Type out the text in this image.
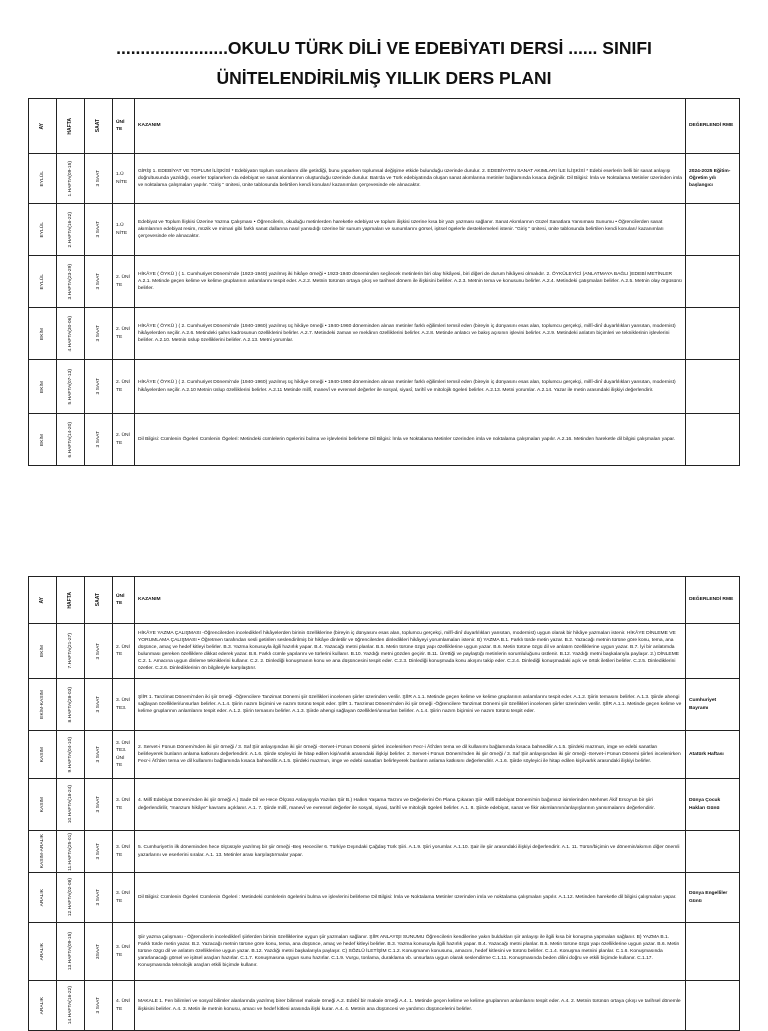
.......................OKULU TÜRK DİLİ VE EDEBİYATI DERSİ ...... SINIFI
ÜNİTELENDİRİLMİŞ YILLIK DERS PLANI
AY	HAFTA	SAAT	ÜNİ TE	KAZANIM	DEĞERLENDİ RME

EYLÜL	1.HAFTA(09-15)	3 SAAT	1.Ü NİTE	GİRİŞ 1. EDEBİYAT VE TOPLUM İLİŞKİSİ * Edebiyatın toplum sorunlarını dile getirdiği, bunu yaparken toplumsal değişime etkide bulunduğu üzerinde durulur. 2. EDEBİYATIN SANAT AKIMLARI İLE İLİŞKİSİ * Edebi eserlerin belli bir sanat anlayışı doğrultusunda yazıldığı, eserler toplanırken da edebiyat ve sanat akımlarının oluşturduğu üzerinde durulur. Batı'da ve Türk edebiyatında oluşan sanat akımlarına metinler bağlamında kısaca değinilir. Dil Bilgisi: İmla ve Noktalama Metinler üzerinden imla ve noktalama çalışmaları yapılır. "Giriş " ünitesi, ünite tablosunda belirtilen kendi konuları/ kazanımları çerçevesinde ele alınacaktır.	2024-2025 Eğitim-Öğretim yılı başlangıcı

EYLÜL	2.HAFTA(16-22)	3 SAAT	1.Ü NİTE	Edebiyat ve Toplum İlişkisi Üzerine Yazma Çalışması • Öğrencilerin, okuduğu metinlerden hareketle edebiyat ve toplum ilişkisi üzerine kısa bir yazı yazması sağlanır. Sanat Akımlarının Güzel Sanatlara Yansıması Sunumu • Öğrencilerden sanat akımlarının edebiyat resim, müzik ve mimari gibi farklı sanat dallarına nasıl yansıdığı üzerine bir sunum yapmaları ve sunumlarını görsel, işitsel ögelerle desteklemeleri istenir. "Giriş " ünitesi, ünite tablosunda belirtilen kendi konuları/ kazanımları çerçevesinde ele alınacaktır.	

EYLÜL	3.HAFTA(23-29)	3 SAAT	2. ÜNİ TE	HİKÂYE ( ÖYKÜ ) ( 1. Cumhuriyet Dönemi'nde (1923-1940) yazılmış iki hikâye örneği • 1923-1940 döneminden seçilecek metinlerin biri olay hikâyesi, biri diğeri de durum hikâyesi olmalıdır. 2. ÖYKÜLEYİCİ (ANLATMAYA BAĞLI )EDEBİ METİNLER A.2.1. Metinde geçen kelime ve kelime gruplarının anlamlarını tespit eder. A.2.2. Metnin türünün ortaya çıkış ve tarihsel dönem ile ilişkisini belirler. A.2.3. Metnin tema ve konusunu belirler. A.2.4. Metindeki çatışmaları belirler. A.2.5. Metnin olay örgüsünü belirler.	

EKİM	4.HAFTA(30-06)	3 SAAT	2. ÜNİ TE	HİKÂYE ( ÖYKÜ ) ( 2. Cumhuriyet Dönemi'nde (1940-1960) yazılmış üç hikâye örneği • 1940-1960 döneminden alınan metinler farklı eğilimleri temsil eden (bireyin iç dünyasını esas alan, toplumcu gerçekçi, millî-dinî duyarlılıkları yansıtan, modernist) hikâyelerden seçilir. A.2.6. Metindeki şahıs kadrosunun özelliklerini belirler. A.2.7. Metindeki zaman ve mekânın özelliklerini belirler. A.2.8. Metinde anlatıcı ve bakış açısının işlevini belirler. A.2.9. Metindeki anlatım biçimleri ve tekniklerinin işlevlerini belirler. A.2.10. Metnin üslup özelliklerini belirler. A.2.13. Metni yorumlar.	

EKİM	5.HAFTA(07-13)	3 SAAT	2. ÜNİ TE	HİKÂYE ( ÖYKÜ ) ( 2. Cumhuriyet Dönemi'nde (1940-1960) yazılmış üç hikâye örneği • 1940-1960 döneminden alınan metinler farklı eğilimleri temsil eden (bireyin iç dünyasını esas alan, toplumcu gerçekçi, millî-dinî duyarlılıkları yansıtan, modernist) hikâyelerden seçilir. A.2.10 Metnin üslup özelliklerini belirler. A.2.11 Metinde millî, manevî ve evrensel değerler ile sosyal, siyasî, tarihî ve mitolojik ögeleri belirler. A.2.13. Metni yorumlar. A.2.14. Yazar ile metin arasındaki ilişkiyi değerlendirir.	

EKİM	6.HAFTA(14-20)	3 SAAT	2. ÜNİ TE	Dil Bilgisi: Cümlenin Ögeleri Cümlenin Ögeleri: Metindeki cümlelerin ögelerini bulma ve işlevlerini belirleme Dil Bilgisi: İmla ve Noktalama Metinler üzerinden imla ve noktalama çalışmaları yapılır. A.2.16. Metinden hareketle dil bilgisi çalışmaları yapar.	
AY	HAFTA	SAAT	ÜNİ TE	KAZANIM	DEĞERLENDİ RME

EKİM	7.HAFTA(21-27)	3 SAAT	2. ÜNİ TE	HİKÂYE YAZMA ÇALIŞMASI -Öğrencilerden incelediklerî hikâyelerden birinin özelliklerine (bireyin iç dünyasını esas alan, toplumcu gerçekçi, millî-dinî duyarlılıkları yansıtan, modernist) uygun olarak bir hikâye yazmaları istenir. HİKÂYE DİNLEME VE YORUMLAMA ÇALIŞMASI • Öğretmen tarafından sesli getirilen seslendirilmiş bir hikâye dinletilir ve öğrencilerden dinledikleri hikâyeyi yorumlamaları istenir. B) YAZMA B.1. Farklı türde metin yazar. B.2. Yazacağı metnin türüne göre konu, tema, ana düşünce, amaç ve hedef kitleyi belirler. B.3. Yazma konusuyla ilgili hazırlık yapar. B.4. Yazacağı metni planlar. B.5. Metin türüne özgü yapı özelliklerine uygun yazar. B.6. Metin türüne özgü dil ve anlatım özelliklerine uygun yazar. B.7. İyi bir anlatımda bulunması gereken özelliklere dikkat ederek yazar. B.8. Farklı cümle yapılarını ve türlerini kullanır. B.10. Yazdığı metni gözden geçirir. B.11. Ürettiği ve paylaştığı metinlerin sorumluluğunu üstlenir. B.12. Yazdığı metni başkalarıyla paylaşır. 2.) DİNLEME C.2. 1. Amacına uygun dinleme tekniklerini kullanır. C.2. 2. Dinlediği konuşmanın konu ve ana düşüncesini tespit eder. C.2.3. Dinlediği konuşmada konu akışını takip eder. C.2.4. Dinlediği konuşmadaki açık ve örtük iletileri belirler. C.2.5. Dinlediklerini özetler. C.2.6. Dinlediklerinin ön bilgileriyle karşılaştırır.	

EKİM-KASIM	8.HAFTA(28-03)	3 SAAT	3. ÜNİ TE3.	ŞİİR 1. Tanzimat Dönemi'nden iki şiir örneği -Öğrencilere Tanzimat Dönemi şiir özellikleri incelenen şiirler üzerinden verilir. ŞİİR A.1.1. Metinde geçen kelime ve kelime gruplarının anlamlarını tespit eder. A.1.2. Şiirin temasını belirler. A.1.3. Şiirde ahengi sağlayan özellikleri/unsurları belirler. A.1.4. Şiirin nazım biçimini ve nazım türünü tespit eder. ŞİİR 1. Tanzimat Dönemi'nden iki şiir örneği -Öğrencilere Tanzimat Dönemi şiir özellikleri incelenen şiirler üzerinden verilir. ŞİİR A.1.1. Metinde geçen kelime ve kelime gruplarının anlamlarını tespit eder. A.1.2. Şiirin temasını belirler. A.1.3. Şiirde ahengi sağlayan özellikleri/unsurları belirler. A.1.4. Şiirin nazım biçimini ve nazım türünü tespit eder.	Cumhuriyet Bayramı

KASIM	9.HAFTA(04-10)	3 SAAT	3. ÜNİ TE3. ÜNİ TE	2. Servet-i Fünun Dönemi'nden iki şiir örneği / 3. Saf Şiir anlayışından iki şiir örneği -Servet-i Fünun Dönemi şiirleri incelenirken Fecr-i Âtî'den tema ve dil kullanımı bağlamında kısaca bahsedilir.A.1.5. Şiirdeki mazmun, imge ve edebi sanatları belirleyerek bunların anlama katkısını değerlendirir. A.1.6. Şiirde söyleyici ile hitap edilen kişi/varlık arasındaki ilişkiyi belirler. 2. Servet-i Fünun Dönemi'nden iki şiir örneği / 3. Saf Şiir anlayışından iki şiir örneği -Servet-i Fünun Dönemi şiirleri incelenirken Fecr-i Âtî'den tema ve dil kullanımı bağlamında kısaca bahsedilir.A.1.5. Şiirdeki mazmun, imge ve edebi sanatları belirleyerek bunların anlama katkısını değerlendirir. A.1.6. Şiirde söyleyici ile hitap edilen kişi/varlık arasındaki ilişkiyi belirler.	Atatürk Haftası

KASIM	10.HAFTA(18-24)	3 SAAT	3. ÜNİ TE	4. Millî Edebiyat Dönemi'nden iki şiir örneği A.) Sade Dil ve Hece Ölçüsü Anlayışıyla Yazılan Şiir B.) Halkın Yaşama Tarzını ve Değerlerini Ön Plana Çıkaran Şiir -Millî Edebiyat Dönemi'nin bağımsız isimlerinden Mehmet Âkif Ersoy'un bir şiiri değerlendirilir, "manzum hikâye" kavramı açıklanır. A.1. 7. Şiirde millî, manevî ve evrensel değerler ile sosyal, siyasi, tarihî ve mitolojik ögeleri belirler. A.1. 8. Şiirde edebiyat, sanat ve fikir akımlarının/anlayışlarının yansımalarını değerlendirir.	Dünya Çocuk Hakları Günü

KASIM-ARALIK	11.HAFTA(25-01)	3 SAAT	3. ÜNİ TE	5. Cumhuriyet'in ilk döneminden hece ölçüsüyle yazılmış bir şiir örneği -Beş Hececiler 6. Türkiye Dışındaki Çağdaş Türk Şiiri. A.1.9. Şiiri yorumlar. A.1.10. Şair ile şiir arasındaki ilişkiyi değerlendirir. A.1. 11. Türün/biçimin ve dönemin/akımın diğer önemli yazarlarını ve eserlerini sıralar. A.1. 13. Metinler arası karşılaştırmalar yapar.	

ARALIK	12.HAFTA(02-08)	3 SAAT	3. ÜNİ TE	Dil Bilgisi: Cümlenin Ögeleri Cümlenin Ögeleri : Metindeki cümlelerin ögelerini bulma ve işlevlerini belirleme Dil Bilgisi: İmla ve Noktalama Metinler üzerinden imla ve noktalama çalışmaları yapılır. A.1.12. Metinden hareketle dil bilgisi çalışmaları yapar.	Dünya Engelliler Günü

ARALIK	13.HAFTA(09-15)	3SAAT	3. ÜNİ TE	Şiir yazma çalışması - Öğrencilerin incelediklerî şiirlerden birinin özelliklerine uygun şiir yazmaları sağlanır. ŞİİR ANLAYIŞI SUNUMU Öğrencilerin kendilerine yakın buldukları şiir anlayışı ile ilgili kısa bir konuşma yapmaları sağlanır. B) YAZMA B.1. Farklı türde metin yazar. B.2. Yazacağı metnin türüne göre konu, tema, ana düşünce, amaç ve hedef kitleyi belirler. B.3. Yazma konusuyla ilgili hazırlık yapar. B.4. Yazacağı metni planlar. B.5. Metin türüne özgü yapı özelliklerine uygun yazar. B.6. Metin türüne özgü dil ve anlatım özelliklerine uygun yazar. B.12. Yazdığı metni başkalarıyla paylaşır. C) SÖZLÜ İLETİŞİM C.1.2. Konuşmanın konusunu, amacını, hedef kitlesini ve türünü belirler. C.1.4. Konuşma metnini planlar. C.1.6. Konuşmasında yararlanacağı görsel ve işitsel araçları hazırlar. C.1.7. Konuşmasına uygun sunu hazırlar. C.1.9. Vurgu, tonlama, duraklama vb. unsurlara uygun olarak seslendirme C.1.11. Konuşmasında beden dilini doğru ve etkili biçimde kullanır. C.1.17. Konuşmasında teknolojik araçları etkili biçimde kullanır.	

ARALIK	14.HAFTA(16-22)	3 SAAT	4. ÜNİ TE	MAKALE 1. Fen bilimleri ve sosyal bilimler alanlarında yazılmış birer bilimsel makale örneği A.2. Edebî bir makale örneği A.4. 1. Metinde geçen kelime ve kelime gruplarının anlamlarını tespit eder. A.4. 2. Metnin türünün ortaya çıkışı ve tarihsel dönemle ilişkisini belirler. A.4. 3. Metin ile metnin konusu, amacı ve hedef kitlesi arasında ilişki kurar. A.4. 4. Metnin ana düşüncesi ve yardımcı düşüncelerini belirler.	
